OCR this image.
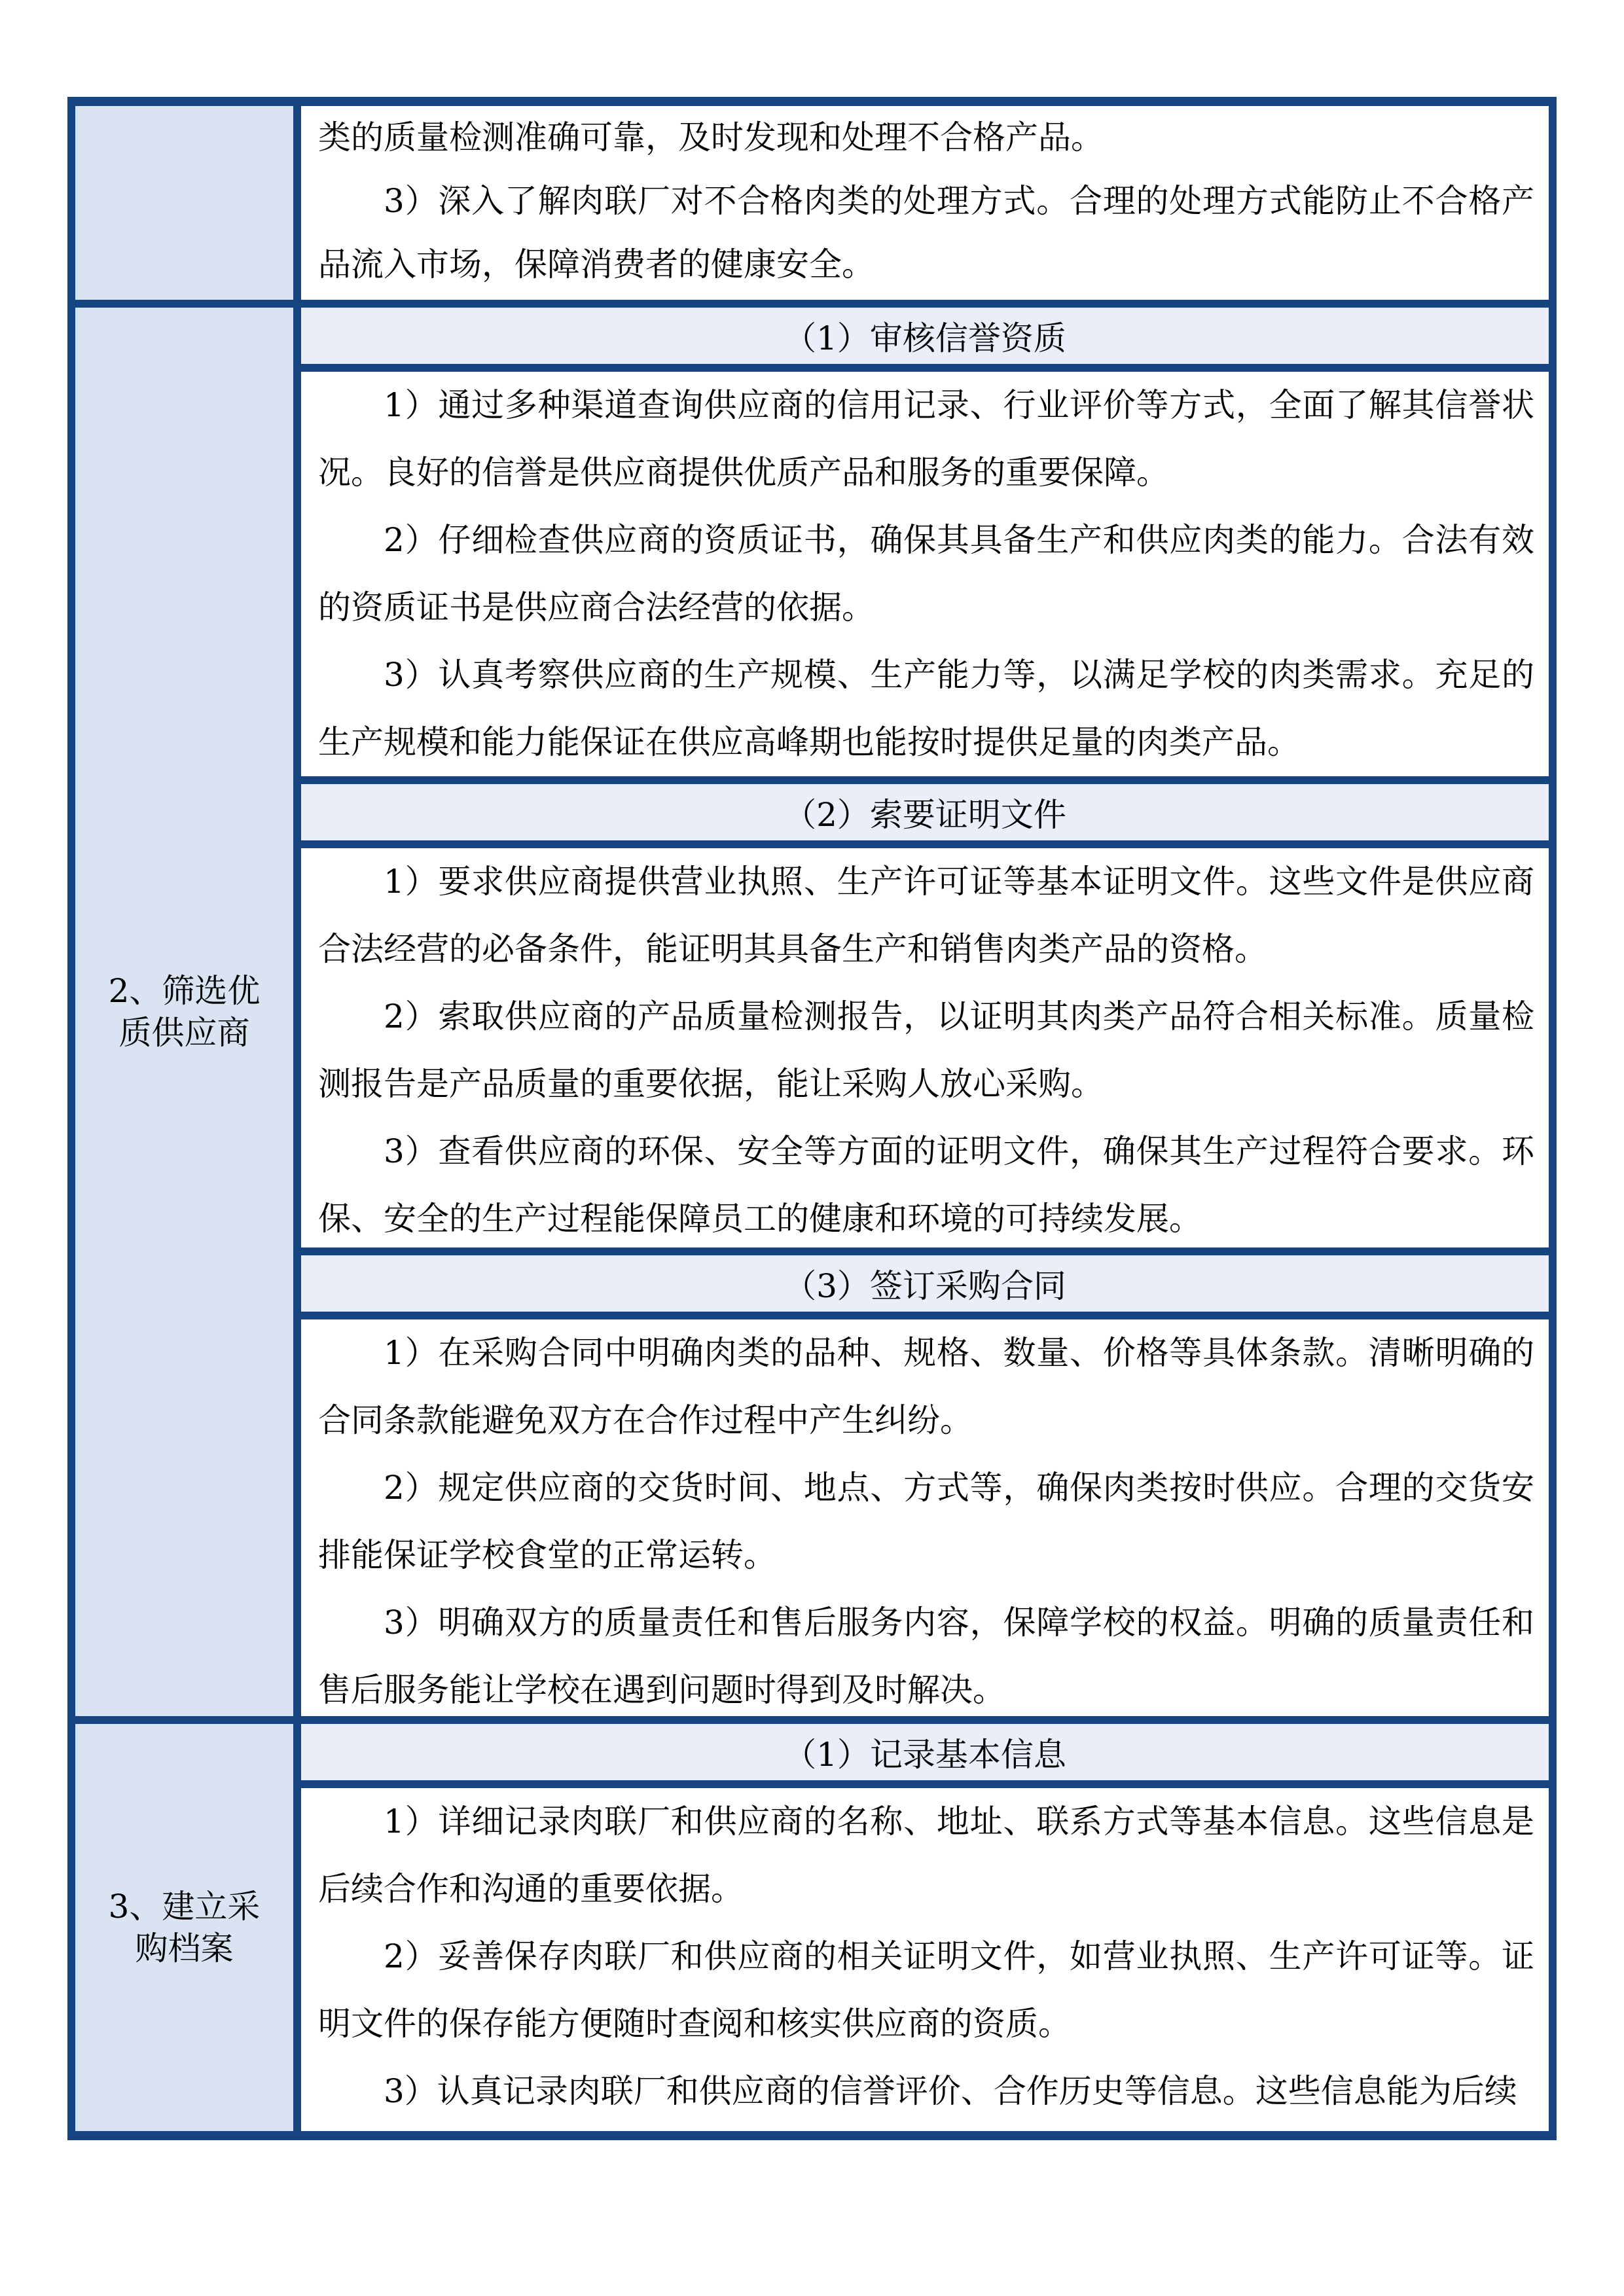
类的质量检测准确可靠，及时发现和处理不合格产品。

3）深入了解肉联厂对不合格肉类的处理方式。合理的处理方式能防止不合格产品流入市场，保障消费者的健康安全。

2、筛选优质供应商
（1）审核信誉资质

1）通过多种渠道查询供应商的信用记录、行业评价等方式，全面了解其信誉状况。良好的信誉是供应商提供优质产品和服务的重要保障。

2）仔细检查供应商的资质证书，确保其具备生产和供应肉类的能力。合法有效的资质证书是供应商合法经营的依据。

3）认真考察供应商的生产规模、生产能力等，以满足学校的肉类需求。充足的生产规模和能力能保证在供应高峰期也能按时提供足量的肉类产品。

（2）索要证明文件

1）要求供应商提供营业执照、生产许可证等基本证明文件。这些文件是供应商合法经营的必备条件，能证明其具备生产和销售肉类产品的资格。

2）索取供应商的产品质量检测报告，以证明其肉类产品符合相关标准。质量检测报告是产品质量的重要依据，能让采购人放心采购。

3）查看供应商的环保、安全等方面的证明文件，确保其生产过程符合要求。环保、安全的生产过程能保障员工的健康和环境的可持续发展。

（3）签订采购合同

1）在采购合同中明确肉类的品种、规格、数量、价格等具体条款。清晰明确的合同条款能避免双方在合作过程中产生纠纷。

2）规定供应商的交货时间、地点、方式等，确保肉类按时供应。合理的交货安排能保证学校食堂的正常运转。

3）明确双方的质量责任和售后服务内容，保障学校的权益。明确的质量责任和售后服务能让学校在遇到问题时得到及时解决。

3、建立采购档案
（1）记录基本信息

1）详细记录肉联厂和供应商的名称、地址、联系方式等基本信息。这些信息是后续合作和沟通的重要依据。

2）妥善保存肉联厂和供应商的相关证明文件，如营业执照、生产许可证等。证明文件的保存能方便随时查阅和核实供应商的资质。

3）认真记录肉联厂和供应商的信誉评价、合作历史等信息。这些信息能为后续
